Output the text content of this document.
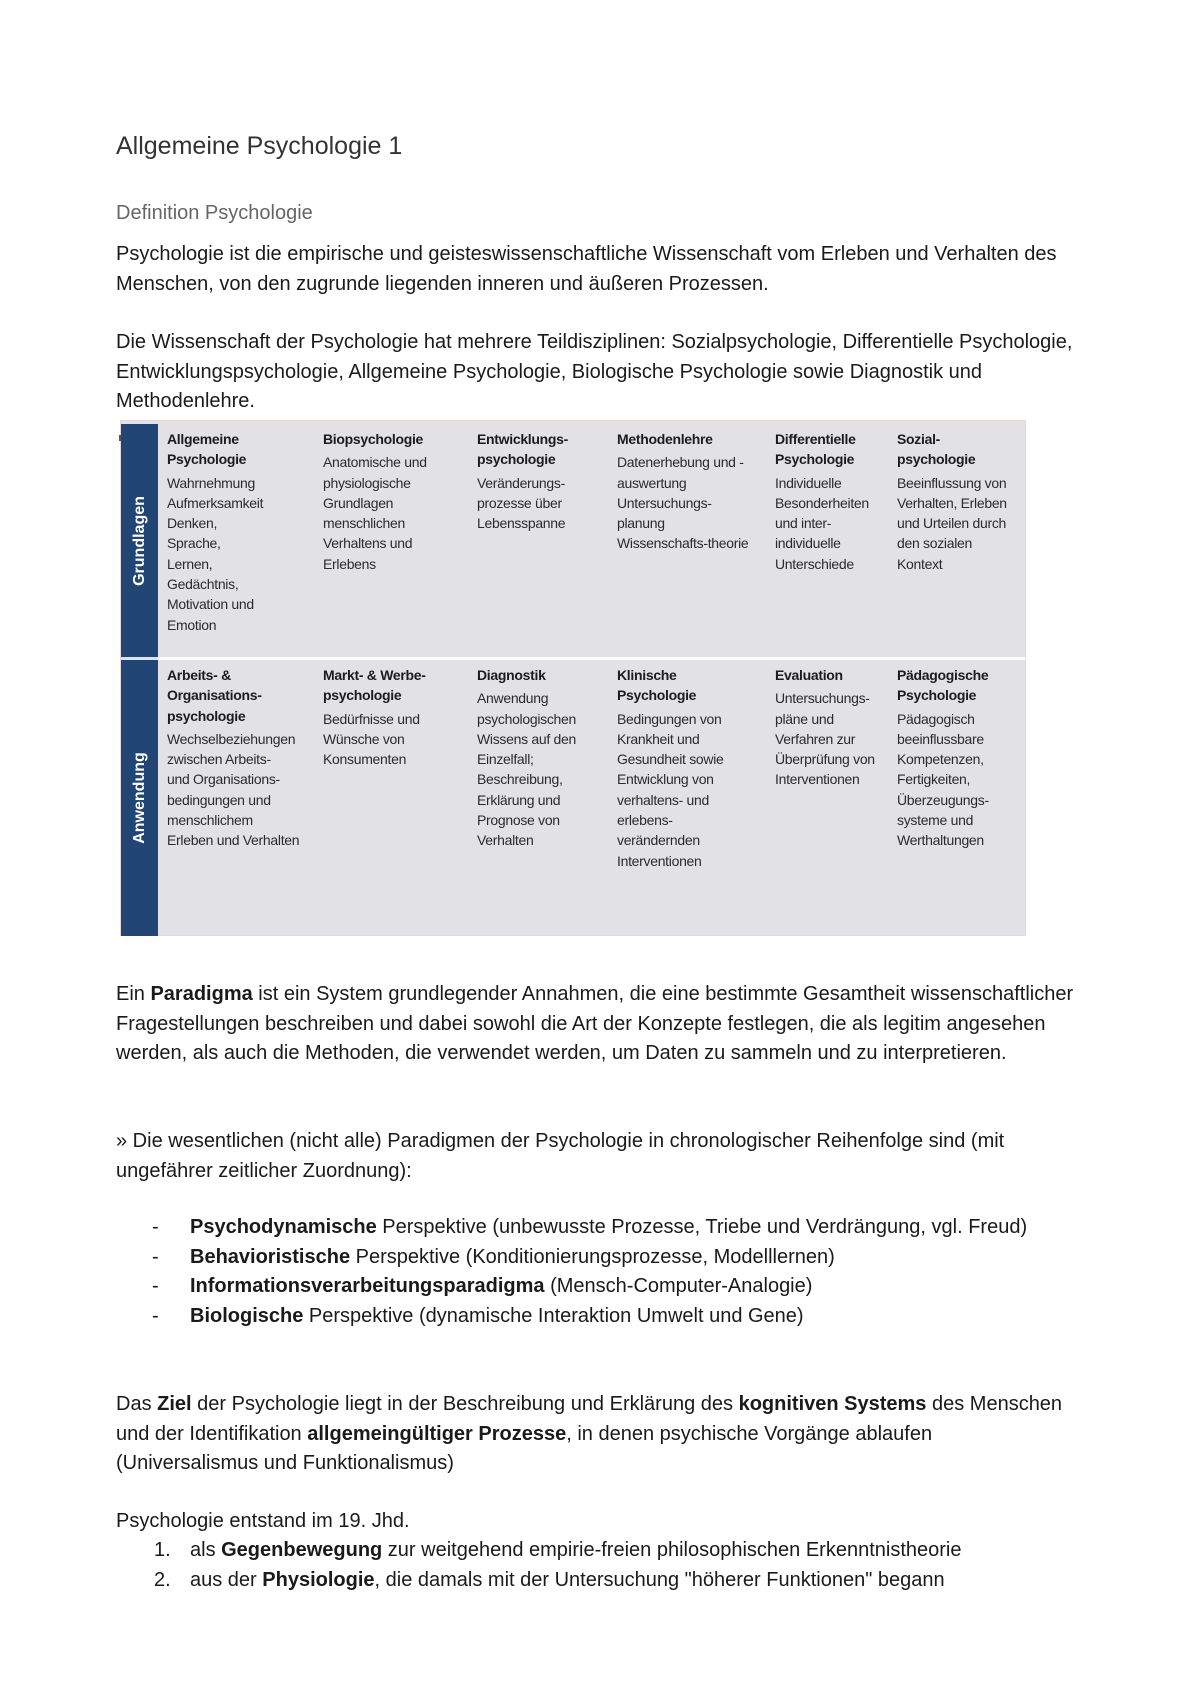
Allgemeine Psychologie 1
Definition Psychologie

Psychologie ist die empirische und geisteswissenschaftliche Wissenschaft vom Erleben und Verhalten des Menschen, von den zugrunde liegenden inneren und äußeren Prozessen.

Die Wissenschaft der Psychologie hat mehrere Teildisziplinen: Sozialpsychologie, Differentielle Psychologie, Entwicklungspsychologie, Allgemeine Psychologie, Biologische Psychologie sowie Diagnostik und Methodenlehre.

Ein Paradigma ist ein System grundlegender Annahmen, die eine bestimmte Gesamtheit wissenschaftlicher Fragestellungen beschreiben und dabei sowohl die Art der Konzepte festlegen, die als legitim angesehen werden, als auch die Methoden, die verwendet werden, um Daten zu sammeln und zu interpretieren.

» Die wesentlichen (nicht alle) Paradigmen der Psychologie in chronologischer Reihenfolge sind (mit ungefährer zeitlicher Zuordnung):

- Psychodynamische Perspektive (unbewusste Prozesse, Triebe und Verdrängung, vgl. Freud)
- Behavioristische Perspektive (Konditionierungsprozesse, Modelllernen)
- Informationsverarbeitungsparadigma (Mensch-Computer-Analogie)
- Biologische Perspektive (dynamische Interaktion Umwelt und Gene)

Das Ziel der Psychologie liegt in der Beschreibung und Erklärung des kognitiven Systems des Menschen und der Identifikation allgemeingültiger Prozesse, in denen psychische Vorgänge ablaufen (Universalismus und Funktionalismus)

Psychologie entstand im 19. Jhd.

1. als Gegenbewegung zur weitgehend empirie-freien philosophischen Erkenntnistheorie
2. aus der Physiologie, die damals mit der Untersuchung "höherer Funktionen" begann
Grundlagen
Anwendung
Allgemeine
Psychologie
Wahrnehmung
Aufmerksamkeit
Denken,
Sprache,
Lernen,
Gedächtnis,
Motivation und
Emotion
Biopsychologie
Anatomische und
physiologische
Grundlagen
menschlichen
Verhaltens und
Erlebens
Entwicklungs-
psychologie
Veränderungs-
prozesse über
Lebensspanne
Methodenlehre
Datenerhebung und -
auswertung
Untersuchungs-
planung
Wissenschafts-theorie
Differentielle
Psychologie
Individuelle
Besonderheiten
und inter-
individuelle
Unterschiede
Sozial-
psychologie
Beeinflussung von
Verhalten, Erleben
und Urteilen durch
den sozialen
Kontext
Arbeits- &
Organisations-
psychologie
Wechselbeziehungen
zwischen Arbeits-
und Organisations-
bedingungen und
menschlichem
Erleben und Verhalten
Markt- & Werbe-
psychologie
Bedürfnisse und
Wünsche von
Konsumenten
Diagnostik
Anwendung
psychologischen
Wissens auf den
Einzelfall;
Beschreibung,
Erklärung und
Prognose von
Verhalten
Klinische
Psychologie
Bedingungen von
Krankheit und
Gesundheit sowie
Entwicklung von
verhaltens- und
erlebens-
verändernden
Interventionen
Evaluation
Untersuchungs-
pläne und
Verfahren zur
Überprüfung von
Interventionen
Pädagogische
Psychologie
Pädagogisch
beeinflussbare
Kompetenzen,
Fertigkeiten,
Überzeugungs-
systeme und
Werthaltungen
